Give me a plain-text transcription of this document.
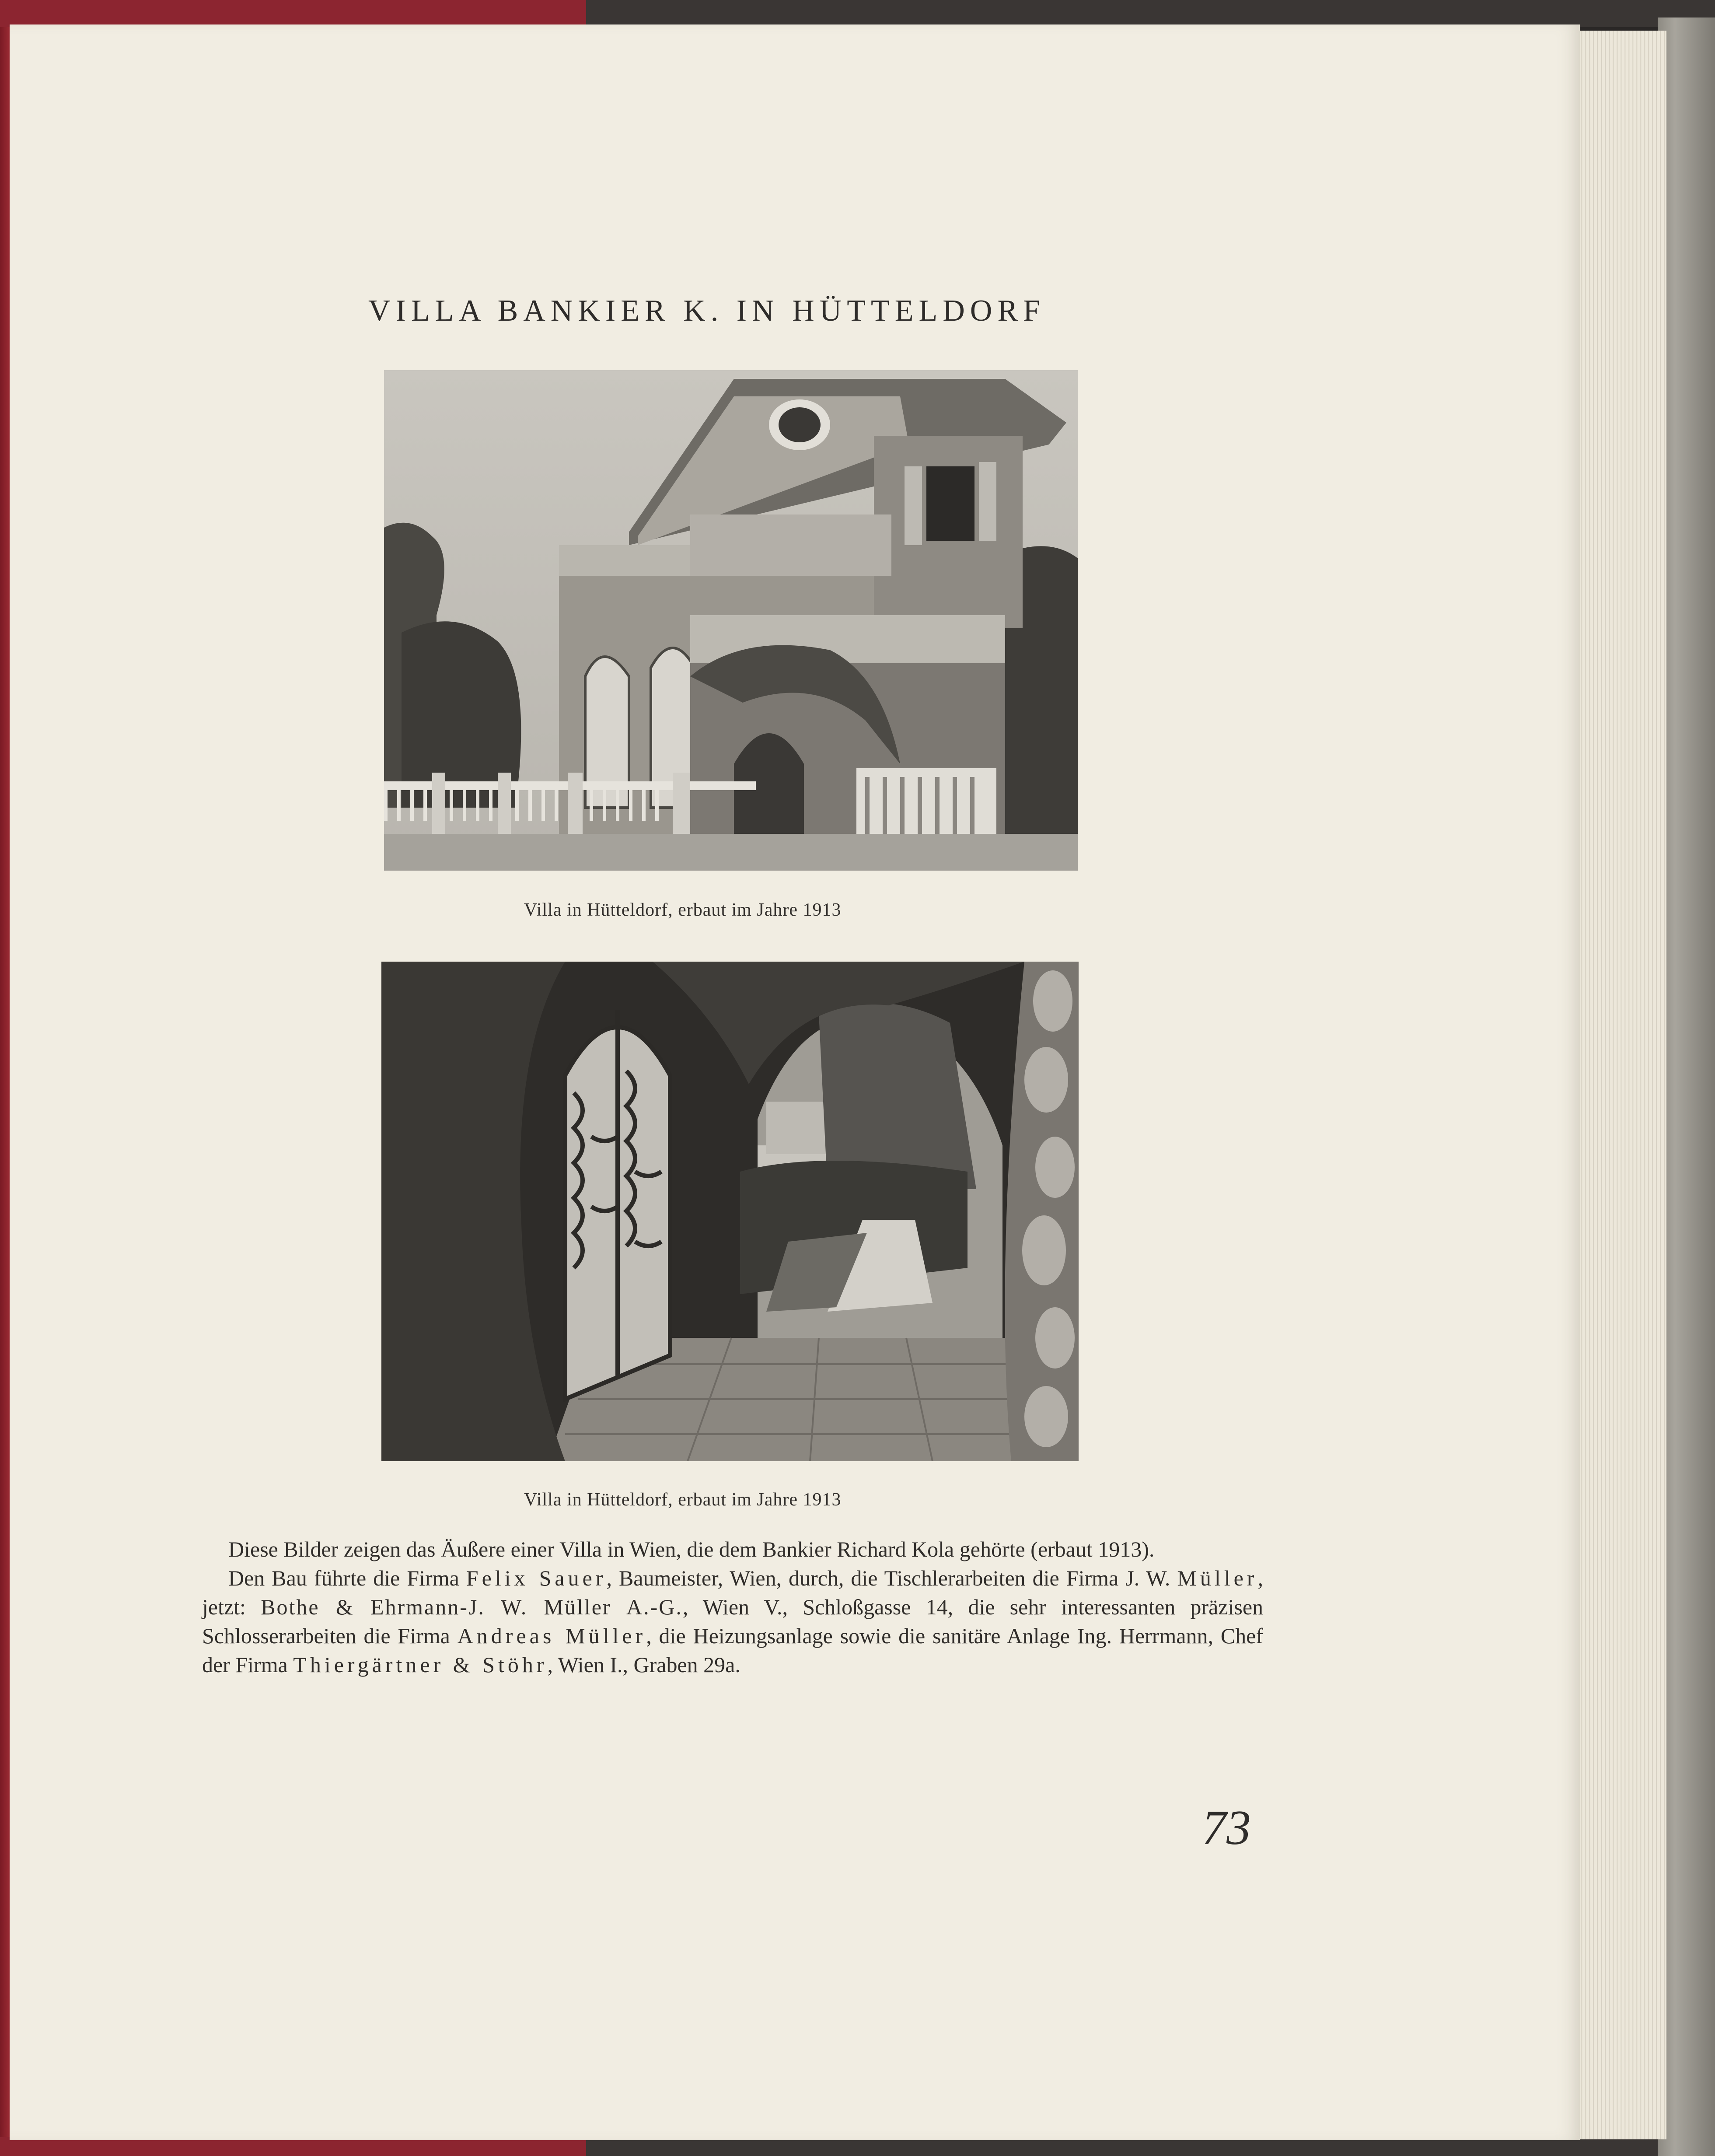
VILLA BANKIER K. IN HÜTTELDORF
Villa in Hütteldorf, erbaut im Jahre 1913
Villa in Hütteldorf, erbaut im Jahre 1913

Diese Bilder zeigen das Äußere einer Villa in Wien, die dem Bankier Richard Kola gehörte (erbaut 1913).

Den Bau führte die Firma Felix Sauer, Baumeister, Wien, durch, die Tischlerarbeiten die Firma J. W. Müller, jetzt: Bothe & Ehrmann-J. W. Müller A.-G., Wien V., Schloßgasse 14, die sehr interessanten präzisen Schlosserarbeiten die Firma Andreas Müller, die Heizungsanlage sowie die sanitäre Anlage Ing. Herrmann, Chef der Firma Thiergärtner & Stöhr, Wien I., Graben 29a.

73
